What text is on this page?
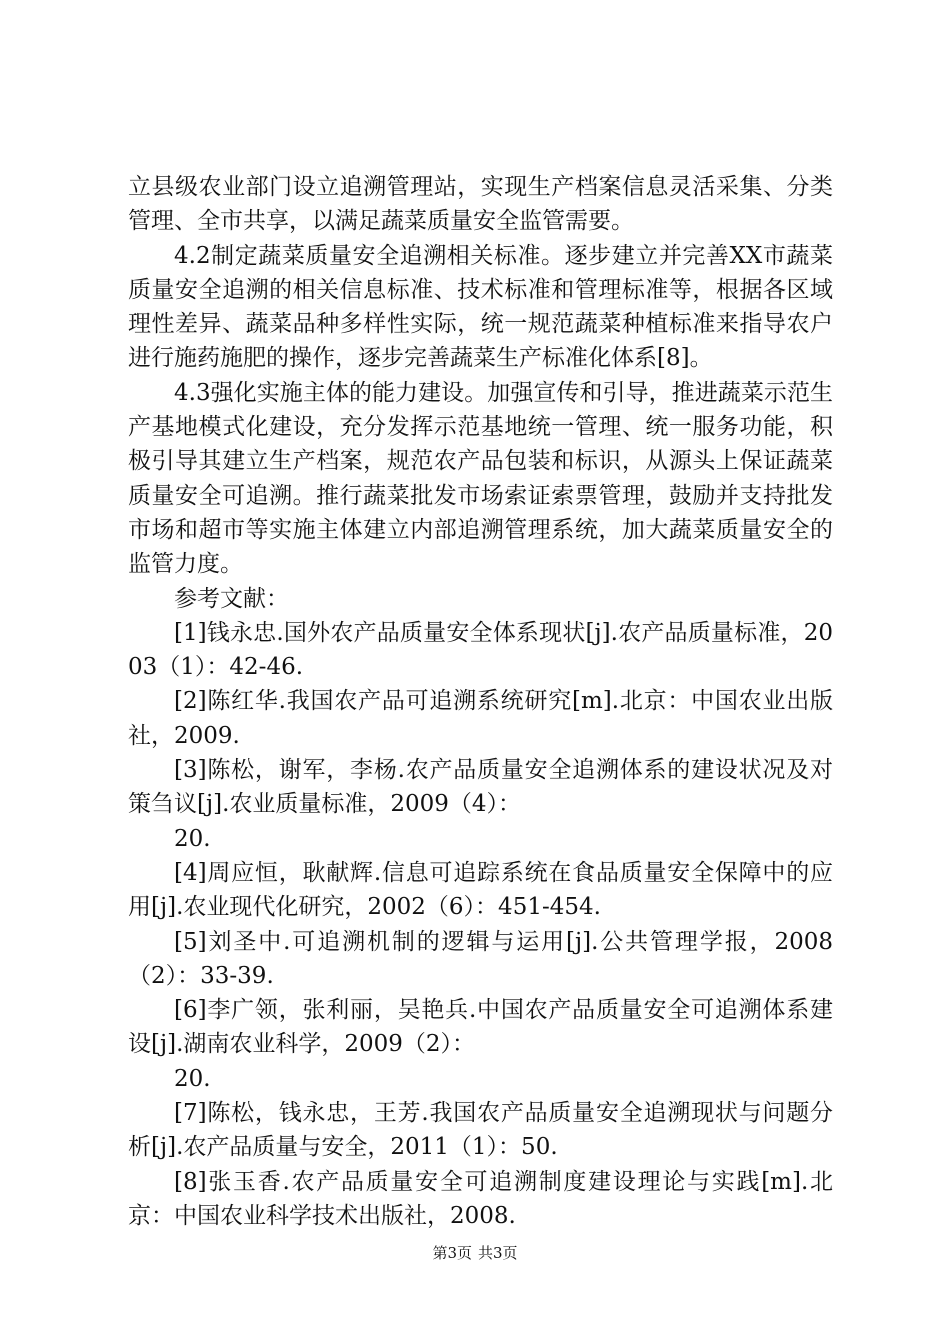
立县级农业部门设立追溯管理站，实现生产档案信息灵活采集、分类管理、全市共享，以满足蔬菜质量安全监管需要。

4.2制定蔬菜质量安全追溯相关标准。逐步建立并完善XX市蔬菜质量安全追溯的相关信息标准、技术标准和管理标准等，根据各区域理性差异、蔬菜品种多样性实际，统一规范蔬菜种植标准来指导农户进行施药施肥的操作，逐步完善蔬菜生产标准化体系[8]。

4.3强化实施主体的能力建设。加强宣传和引导，推进蔬菜示范生产基地模式化建设，充分发挥示范基地统一管理、统一服务功能，积极引导其建立生产档案，规范农产品包装和标识，从源头上保证蔬菜质量安全可追溯。推行蔬菜批发市场索证索票管理，鼓励并支持批发市场和超市等实施主体建立内部追溯管理系统，加大蔬菜质量安全的监管力度。

参考文献：

[1]钱永忠.国外农产品质量安全体系现状[j].农产品质量标准，2003（1）：42-46.

[2]陈红华.我国农产品可追溯系统研究[m].北京：中国农业出版社，2009.

[3]陈松，谢军，李杨.农产品质量安全追溯体系的建设状况及对策刍议[j].农业质量标准，2009（4）：

20.

[4]周应恒，耿献辉.信息可追踪系统在食品质量安全保障中的应用[j].农业现代化研究，2002（6）：451-454.

[5]刘圣中.可追溯机制的逻辑与运用[j].公共管理学报，2008（2）：33-39.

[6]李广领，张利丽，吴艳兵.中国农产品质量安全可追溯体系建设[j].湖南农业科学，2009（2）：

20.

[7]陈松，钱永忠，王芳.我国农产品质量安全追溯现状与问题分析[j].农产品质量与安全，2011（1）：50.

[8]张玉香.农产品质量安全可追溯制度建设理论与实践[m].北京：中国农业科学技术出版社，2008.

第3页 共3页
